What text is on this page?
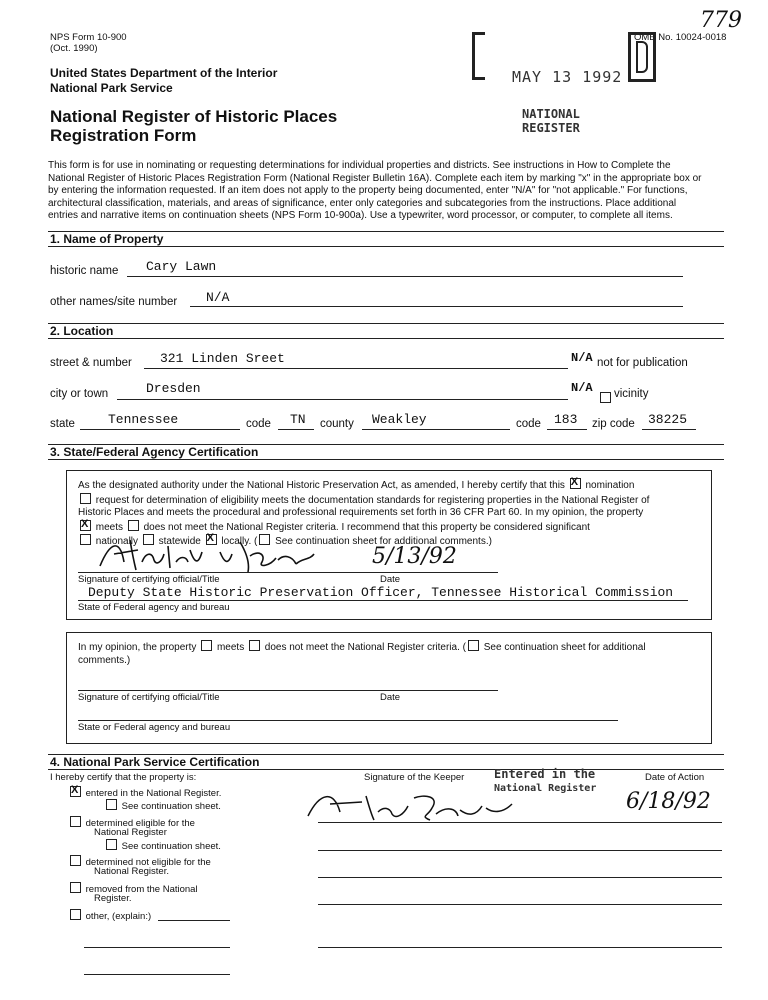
NPS Form 10-900
(Oct. 1990)
OMB No. 10024-0018
779
MAY 13 1992
United States Department of the Interior
National Park Service
National Register of Historic Places
Registration Form
NATIONAL
REGISTER
This form is for use in nominating or requesting determinations for individual properties and districts. See instructions in How to Complete the
National Register of Historic Places Registration Form (National Register Bulletin 16A). Complete each item by marking "x" in the appropriate box or
by entering the information requested. If an item does not apply to the property being documented, enter "N/A" for "not applicable." For functions,
architectural classification, materials, and areas of significance, enter only categories and subcategories from the instructions. Place additional
entries and narrative items on continuation sheets (NPS Form 10-900a). Use a typewriter, word processor, or computer, to complete all items.
1. Name of Property
historic name Cary Lawn
other names/site number N/A
2. Location
street & number 321 Linden Sreet	N/A not for publication
city or town	Dresden	N/A vicinity
state	Tennessee	code TN county Weakley	code 183 zip code 38225
3. State/Federal Agency Certification
As the designated authority under the National Historic Preservation Act, as amended, I hereby certify that this X nomination
request for determination of eligibility meets the documentation standards for registering properties in the National Register of
Historic Places and meets the procedural and professional requirements set forth in 36 CFR Part 60. In my opinion, the property
X meets does not meet the National Register criteria. I recommend that this property be considered significant
nationally statewide X locally. ( See continuation sheet for additional comments.)
5/13/92
Signature of certifying official/Title	Date
Deputy State Historic Preservation Officer, Tennessee Historical Commission
State of Federal agency and bureau
In my opinion, the property meets does not meet the National Register criteria. ( See continuation sheet for additional
comments.)
Signature of certifying official/Title	Date
State or Federal agency and bureau
4. National Park Service Certification
I hereby certify that the property is:	Signature of the Keeper	Date of Action
Entered in the
National Register
6/18/92
X entered in the National Register.
See continuation sheet.
determined eligible for the
National Register
See continuation sheet.
determined not eligible for the
National Register.
removed from the National
Register.
other, (explain:)
